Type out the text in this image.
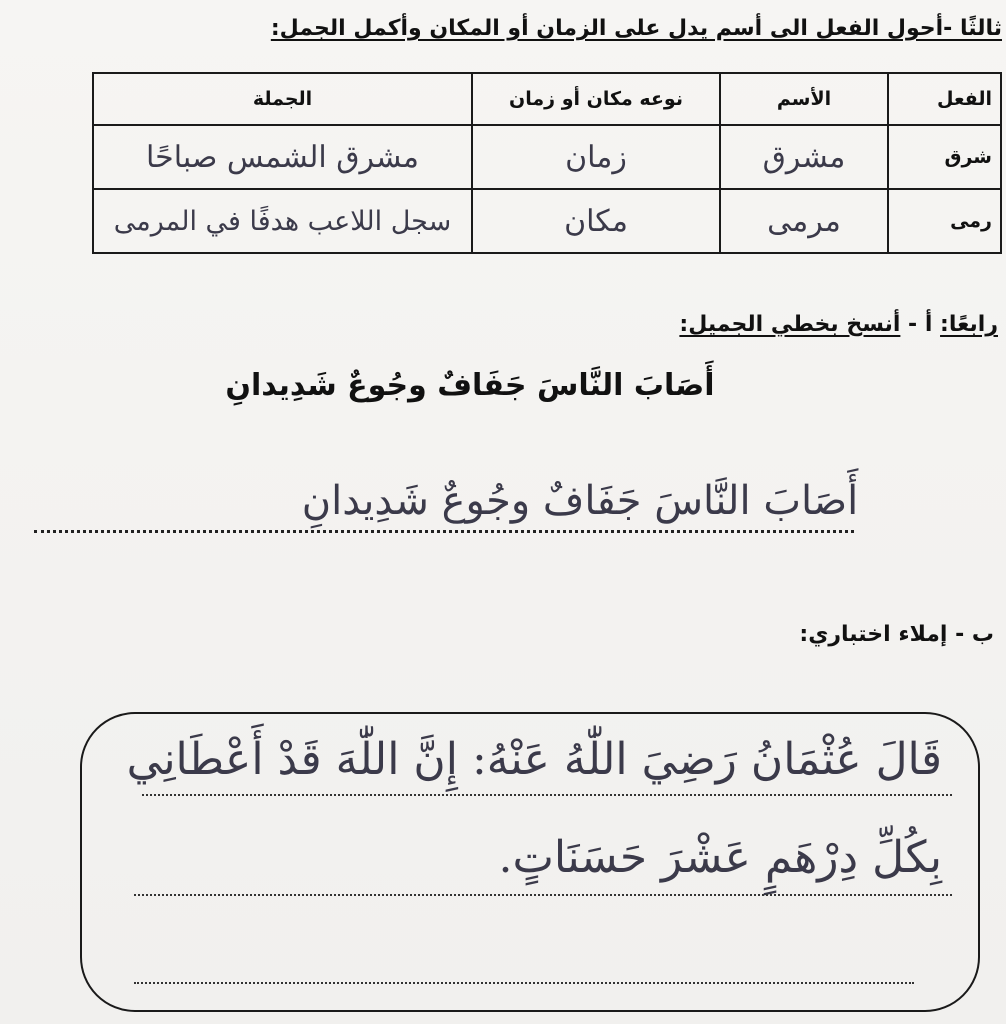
ثالثًا -أحول الفعل الى أسم يدل على الزمان أو المكان وأكمل الجمل:
الفعل	الأسم	نوعه مكان أو زمان	الجملة
شرق	مشرق	زمان	مشرق الشمس صباحًا
رمى	مرمى	مكان	سجل اللاعب هدفًا في المرمى
رابعًا: أ - أنسخ بخطي الجميل:
أَصَابَ النَّاسَ جَفَافٌ وجُوعٌ شَدِيدانِ
أَصَابَ النَّاسَ جَفَافٌ وجُوعٌ شَدِيدانِ
ب - إملاء اختباري:
قَالَ عُثْمَانُ رَضِيَ اللّٰهُ عَنْهُ: إِنَّ اللّٰهَ قَدْ أَعْطَانِي
بِكُلِّ دِرْهَمٍ عَشْرَ حَسَنَاتٍ.
